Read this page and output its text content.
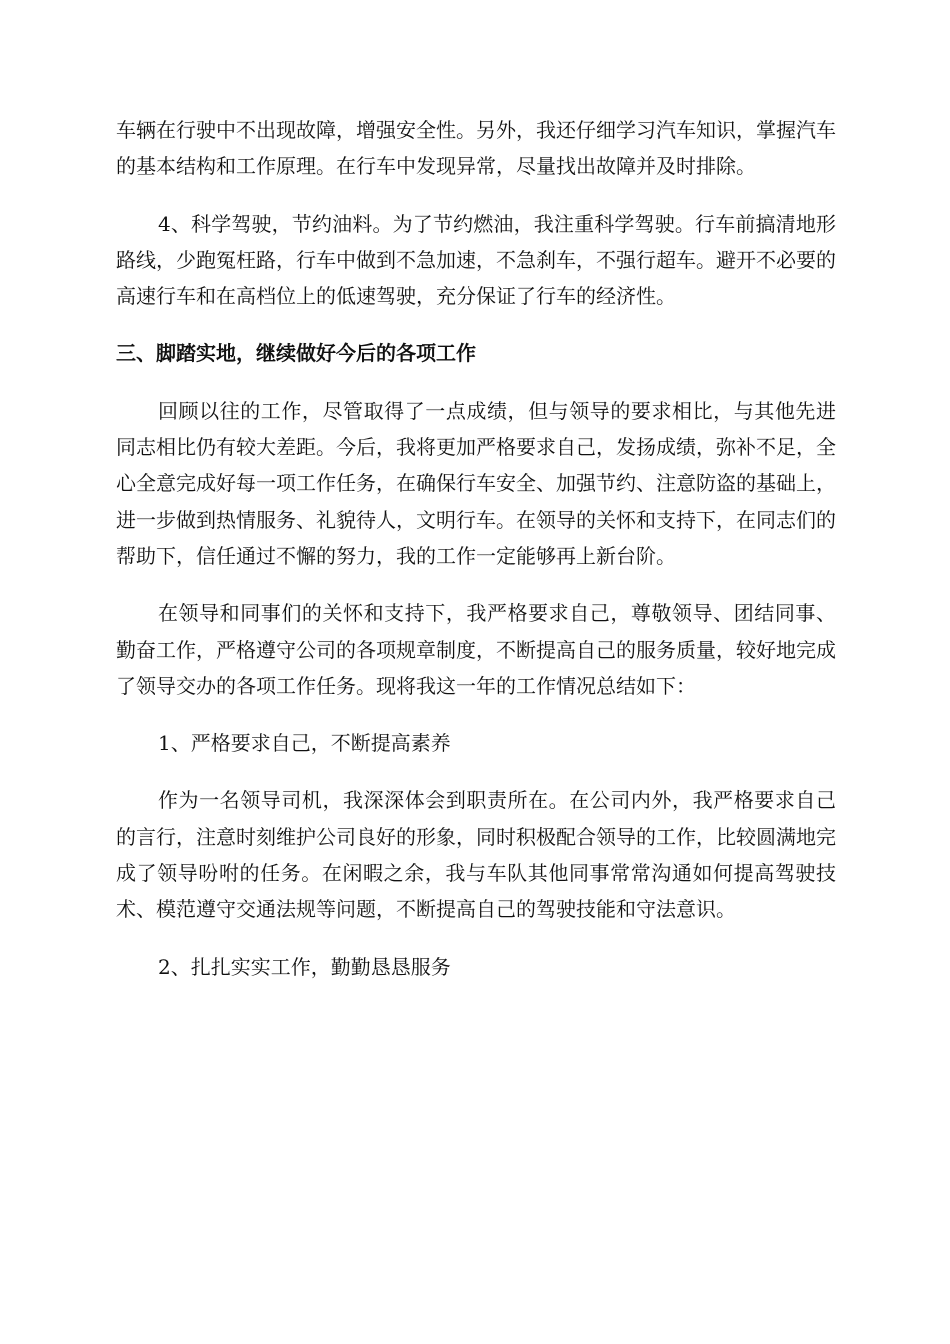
车辆在行驶中不出现故障，增强安全性。另外，我还仔细学习汽车知识，掌握汽车的基本结构和工作原理。在行车中发现异常，尽量找出故障并及时排除。

4、科学驾驶，节约油料。为了节约燃油，我注重科学驾驶。行车前搞清地形路线，少跑冤枉路，行车中做到不急加速，不急刹车，不强行超车。避开不必要的高速行车和在高档位上的低速驾驶，充分保证了行车的经济性。

三、脚踏实地，继续做好今后的各项工作

回顾以往的工作，尽管取得了一点成绩，但与领导的要求相比，与其他先进同志相比仍有较大差距。今后，我将更加严格要求自己，发扬成绩，弥补不足，全心全意完成好每一项工作任务，在确保行车安全、加强节约、注意防盗的基础上，进一步做到热情服务、礼貌待人，文明行车。在领导的关怀和支持下，在同志们的帮助下，信任通过不懈的努力，我的工作一定能够再上新台阶。

在领导和同事们的关怀和支持下，我严格要求自己，尊敬领导、团结同事、勤奋工作，严格遵守公司的各项规章制度，不断提高自己的服务质量，较好地完成了领导交办的各项工作任务。现将我这一年的工作情况总结如下：

1、严格要求自己，不断提高素养

作为一名领导司机，我深深体会到职责所在。在公司内外，我严格要求自己的言行，注意时刻维护公司良好的形象，同时积极配合领导的工作，比较圆满地完成了领导吩咐的任务。在闲暇之余，我与车队其他同事常常沟通如何提高驾驶技术、模范遵守交通法规等问题，不断提高自己的驾驶技能和守法意识。

2、扎扎实实工作，勤勤恳恳服务
